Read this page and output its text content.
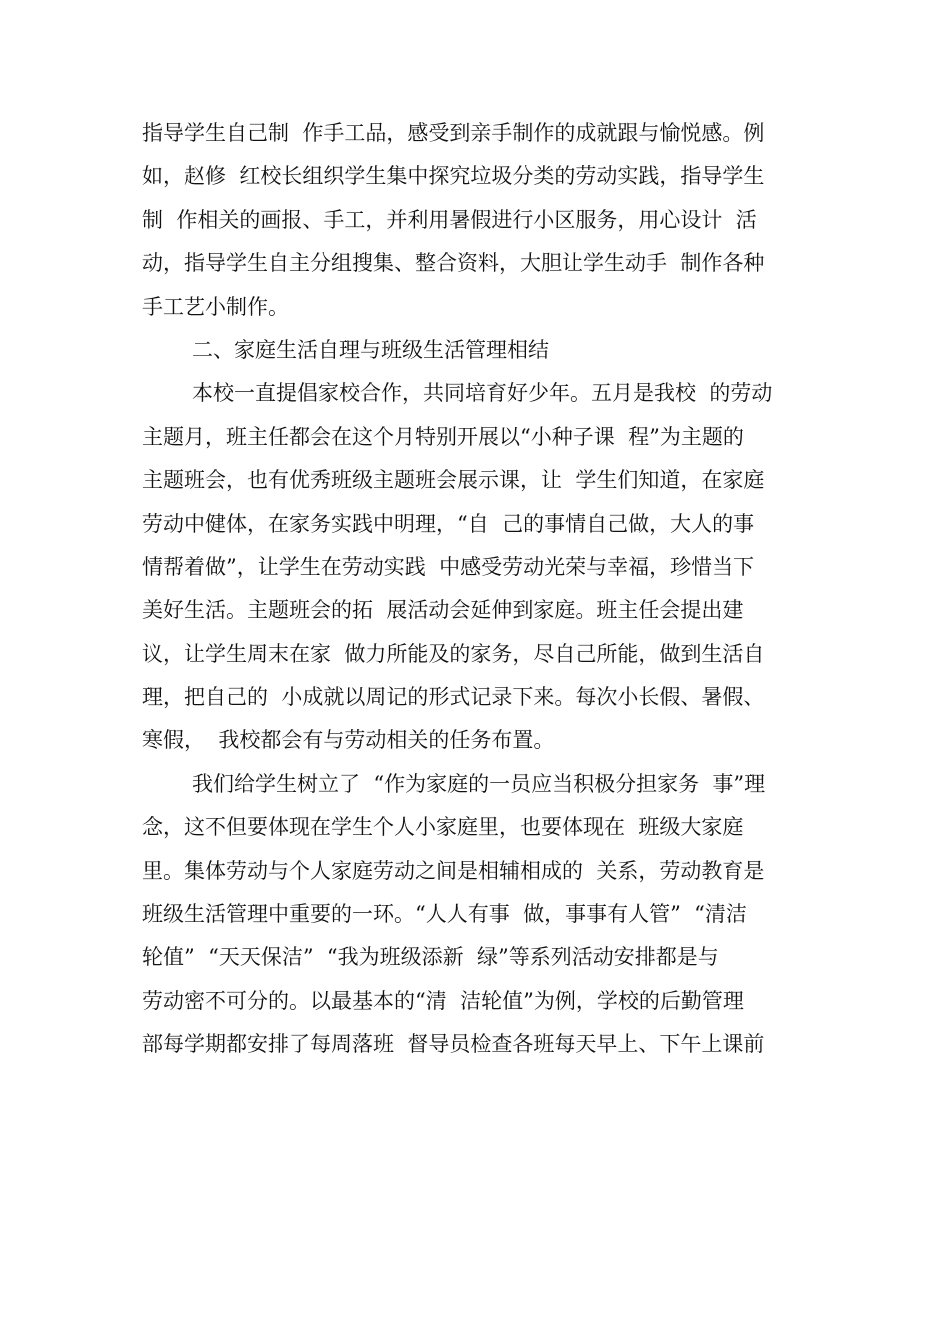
指导学生自己制  作手工品，感受到亲手制作的成就跟与愉悦感。例
如，赵修  红校长组织学生集中探究垃圾分类的劳动实践，指导学生
制  作相关的画报、手工，并利用暑假进行小区服务，用心设计  活
动，指导学生自主分组搜集、整合资料，大胆让学生动手  制作各种
手工艺小制作。
二、家庭生活自理与班级生活管理相结
本校一直提倡家校合作，共同培育好少年。五月是我校  的劳动
主题月，班主任都会在这个月特别开展以“小种子课  程”为主题的
主题班会，也有优秀班级主题班会展示课，让  学生们知道，在家庭
劳动中健体，在家务实践中明理，“自  己的事情自己做，大人的事
情帮着做”，让学生在劳动实践  中感受劳动光荣与幸福，珍惜当下
美好生活。主题班会的拓  展活动会延伸到家庭。班主任会提出建
议，让学生周末在家  做力所能及的家务，尽自己所能，做到生活自
理，把自己的  小成就以周记的形式记录下来。每次小长假、暑假、
寒假，  我校都会有与劳动相关的任务布置。
我们给学生树立了  “作为家庭的一员应当积极分担家务  事”理
念，这不但要体现在学生个人小家庭里，也要体现在  班级大家庭
里。集体劳动与个人家庭劳动之间是相辅相成的  关系，劳动教育是
班级生活管理中重要的一环。“人人有事  做，事事有人管”  “清洁
轮值”  “天天保洁”  “我为班级添新  绿”等系列活动安排都是与
劳动密不可分的。以最基本的“清  洁轮值”为例，学校的后勤管理
部每学期都安排了每周落班  督导员检查各班每天早上、下午上课前
